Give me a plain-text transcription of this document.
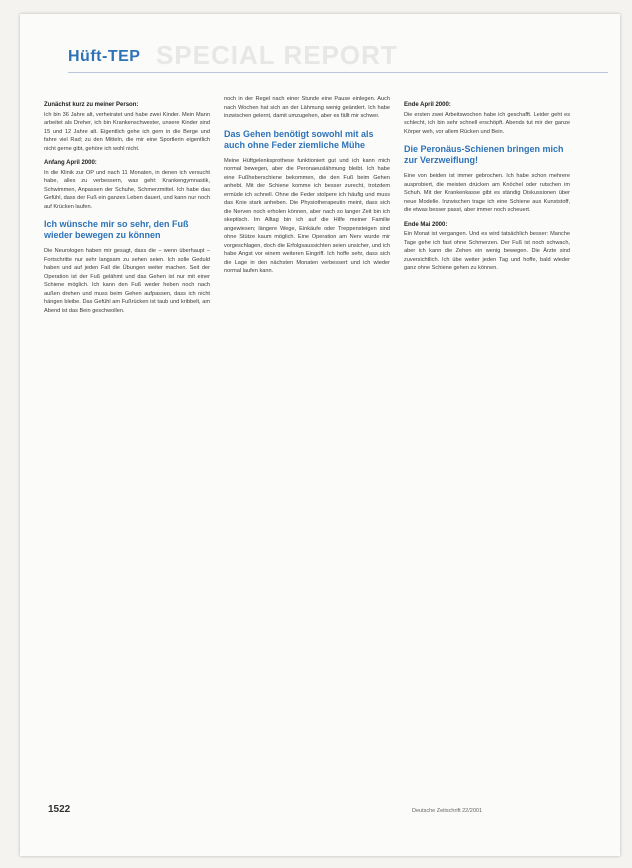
SPECIAL REPORT
Hüft-TEP
Zunächst kurz zu meiner Person:

Ich bin 36 Jahre alt, verheiratet und habe zwei Kinder. Mein Mann arbeitet als Dreher, ich bin Krankenschwester, unsere Kinder sind 15 und 12 Jahre alt. Eigentlich gehe ich gern in die Berge und fahre viel Rad; zu den Mitteln, die mir eine Sportlerin eigentlich nicht gerne gibt, gehöre ich wohl nicht.

Anfang April 2000:

In die Klinik zur OP und nach 11 Monaten, in denen ich versucht habe, alles zu verbessern, was geht: Krankengymnastik, Schwimmen, Anpassen der Schuhe, Schmerzmittel. Ich habe das Gefühl, dass der Fuß ein ganzes Leben dauert, und kann nur noch auf Krücken laufen.

Ich wünsche mir so sehr, den Fuß wieder bewegen zu können

Die Neurologen haben mir gesagt, dass die – wenn überhaupt – Fortschritte nur sehr langsam zu sehen seien. Ich solle Geduld haben und auf jeden Fall die Übungen weiter machen. Seit der Operation ist der Fuß gelähmt und das Gehen ist nur mit einer Schiene möglich. Ich kann den Fuß weder heben noch nach außen drehen und muss beim Gehen aufpassen, dass ich nicht hängen bleibe. Das Gefühl am Fußrücken ist taub und kribbelt, am Abend ist das Bein geschwollen.

noch in der Regel nach einer Stunde eine Pause einlegen. Auch nach Wochen hat sich an der Lähmung wenig geändert. Ich habe inzwischen gelernt, damit umzugehen, aber es fällt mir schwer.

Das Gehen benötigt sowohl mit als auch ohne Feder ziemliche Mühe

Meine Hüftgelenksprothese funktioniert gut und ich kann mich normal bewegen, aber die Peronaeuslähmung bleibt. Ich habe eine Fußheberschiene bekommen, die den Fuß beim Gehen anhebt. Mit der Schiene komme ich besser zurecht, trotzdem ermüde ich schnell. Ohne die Feder stolpere ich häufig und muss das Knie stark anheben. Die Physiotherapeutin meint, dass sich die Nerven noch erholen können, aber nach so langer Zeit bin ich skeptisch. Im Alltag bin ich auf die Hilfe meiner Familie angewiesen; längere Wege, Einkäufe oder Treppensteigen sind ohne Stütze kaum möglich. Eine Operation am Nerv wurde mir vorgeschlagen, doch die Erfolgsaussichten seien unsicher, und ich habe Angst vor einem weiteren Eingriff. Ich hoffe sehr, dass sich die Lage in den nächsten Monaten verbessert und ich wieder normal laufen kann.

Ende April 2000:

Die ersten zwei Arbeitswochen habe ich geschafft. Leider geht es schlecht, ich bin sehr schnell erschöpft. Abends tut mir der ganze Körper weh, vor allem Rücken und Bein.

Die Peronäus-Schienen bringen mich zur Verzweiflung!

Eine von beiden ist immer gebrochen. Ich habe schon mehrere ausprobiert, die meisten drücken am Knöchel oder rutschen im Schuh. Mit der Krankenkasse gibt es ständig Diskussionen über neue Modelle. Inzwischen trage ich eine Schiene aus Kunststoff, die etwas besser passt, aber immer noch scheuert.

Ende Mai 2000:

Ein Monat ist vergangen. Und es wird tatsächlich besser: Manche Tage gehe ich fast ohne Schmerzen. Der Fuß ist noch schwach, aber ich kann die Zehen ein wenig bewegen. Die Ärzte sind zuversichtlich. Ich übe weiter jeden Tag und hoffe, bald wieder ganz ohne Schiene gehen zu können.

1522	Deutsche Zeitschrift 22/2001
